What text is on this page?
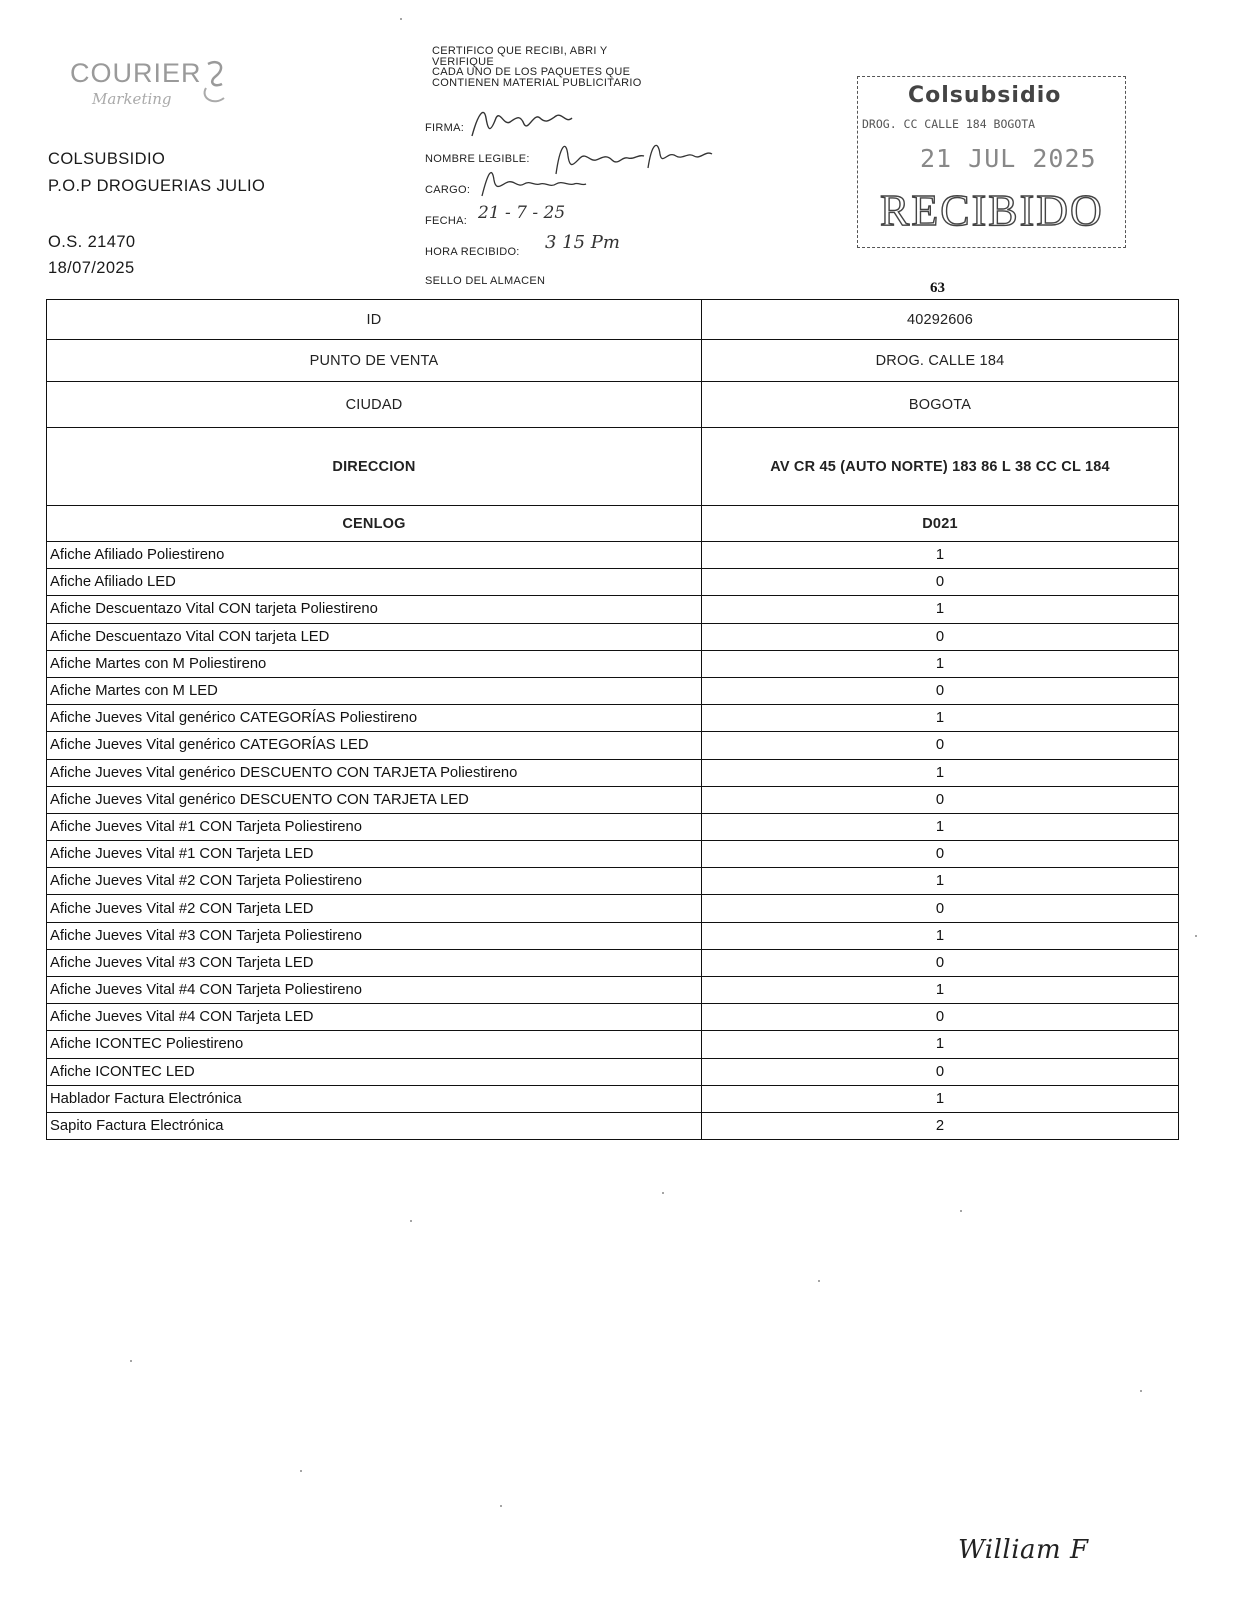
COURIER
Marketing
COLSUBSIDIO
P.O.P DROGUERIAS JULIO
O.S. 21470
18/07/2025
CERTIFICO QUE RECIBI, ABRI Y
VERIFIQUE
CADA UNO DE LOS PAQUETES QUE
CONTIENEN MATERIAL PUBLICITARIO
FIRMA:
NOMBRE LEGIBLE:
CARGO:
FECHA: 21 - 7 - 25
HORA RECIBIDO: 3 15 Pm
SELLO DEL ALMACEN
Colsubsidio
DROG. CC CALLE 184 BOGOTA
21 JUL 2025
RECIBIDO
63
ID	40292606
PUNTO DE VENTA	DROG. CALLE 184
CIUDAD	BOGOTA
DIRECCION	AV CR 45 (AUTO NORTE) 183 86 L 38 CC CL 184
CENLOG	D021
Afiche Afiliado Poliestireno	1
Afiche Afiliado LED	0
Afiche Descuentazo Vital CON tarjeta Poliestireno	1
Afiche Descuentazo Vital CON tarjeta LED	0
Afiche Martes con M Poliestireno	1
Afiche Martes con M LED	0
Afiche Jueves Vital genérico CATEGORÍAS Poliestireno	1
Afiche Jueves Vital genérico CATEGORÍAS LED	0
Afiche Jueves Vital genérico DESCUENTO CON TARJETA Poliestireno	1
Afiche Jueves Vital genérico DESCUENTO CON TARJETA LED	0
Afiche Jueves Vital #1 CON Tarjeta Poliestireno	1
Afiche Jueves Vital #1 CON Tarjeta LED	0
Afiche Jueves Vital #2 CON Tarjeta Poliestireno	1
Afiche Jueves Vital #2 CON Tarjeta LED	0
Afiche Jueves Vital #3 CON Tarjeta Poliestireno	1
Afiche Jueves Vital #3 CON Tarjeta LED	0
Afiche Jueves Vital #4 CON Tarjeta Poliestireno	1
Afiche Jueves Vital #4 CON Tarjeta LED	0
Afiche ICONTEC Poliestireno	1
Afiche ICONTEC LED	0
Hablador Factura Electrónica	1
Sapito Factura Electrónica	2
William F
